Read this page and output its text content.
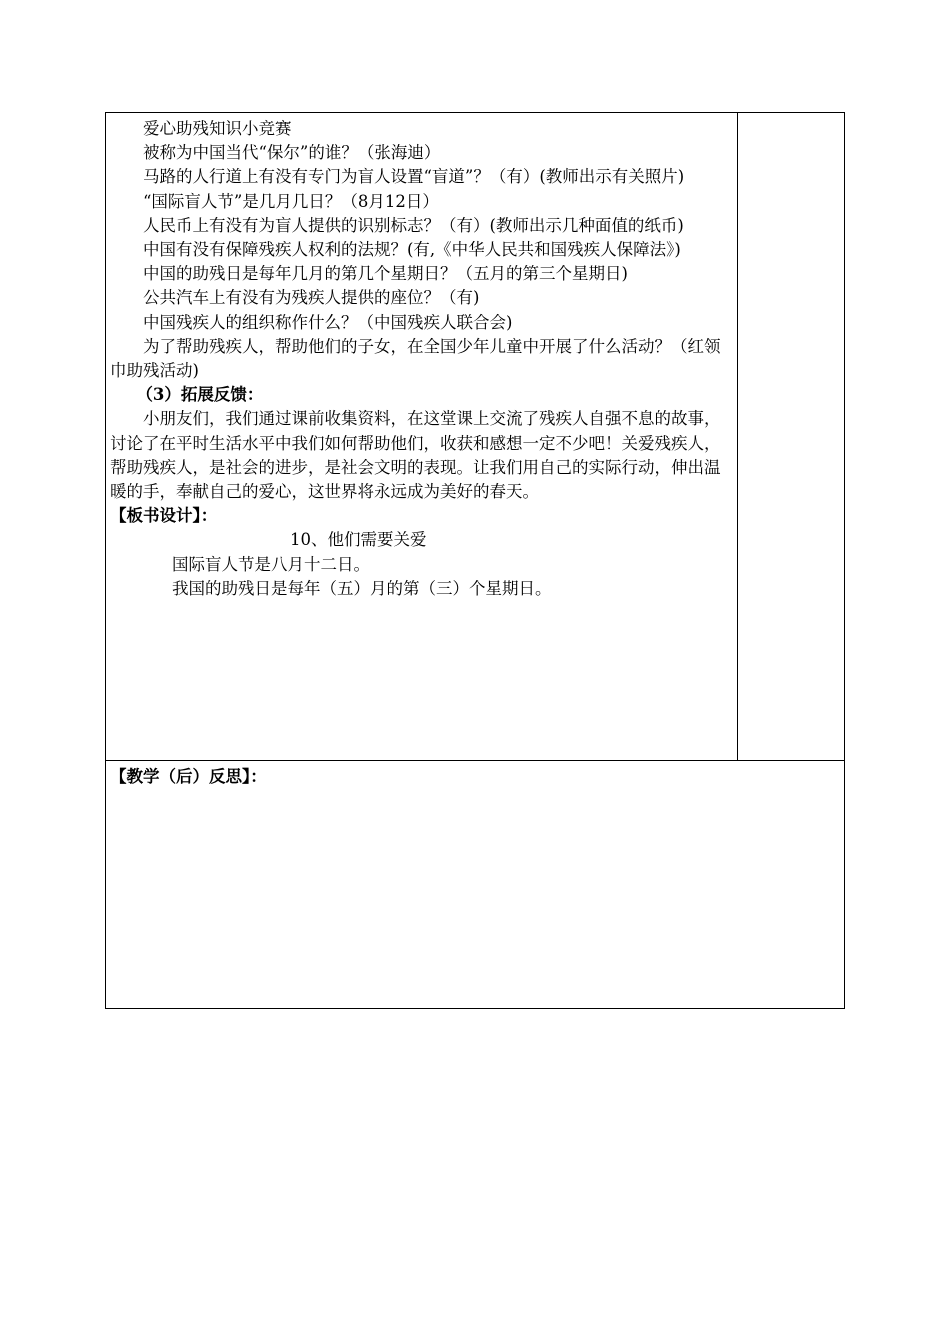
爱心助残知识小竞赛

被称为中国当代“保尔”的谁？（张海迪）

马路的人行道上有没有专门为盲人设置“盲道”？（有）(教师出示有关照片)

“国际盲人节”是几月几日？（8月12日）

人民币上有没有为盲人提供的识别标志？（有）(教师出示几种面值的纸币)

中国有没有保障残疾人权利的法规？(有,《中华人民共和国残疾人保障法》)

中国的助残日是每年几月的第几个星期日？（五月的第三个星期日)

公共汽车上有没有为残疾人提供的座位？（有)

中国残疾人的组织称作什么？（中国残疾人联合会)

为了帮助残疾人，帮助他们的子女，在全国少年儿童中开展了什么活动？（红领巾助残活动)

（3）拓展反馈：

小朋友们，我们通过课前收集资料，在这堂课上交流了残疾人自强不息的故事，讨论了在平时生活水平中我们如何帮助他们，收获和感想一定不少吧！关爱残疾人，帮助残疾人，是社会的进步，是社会文明的表现。让我们用自己的实际行动，伸出温暖的手，奉献自己的爱心，这世界将永远成为美好的春天。

【板书设计】：

10、他们需要关爱

国际盲人节是八月十二日。

我国的助残日是每年（五）月的第（三）个星期日。

【教学（后）反思】：
